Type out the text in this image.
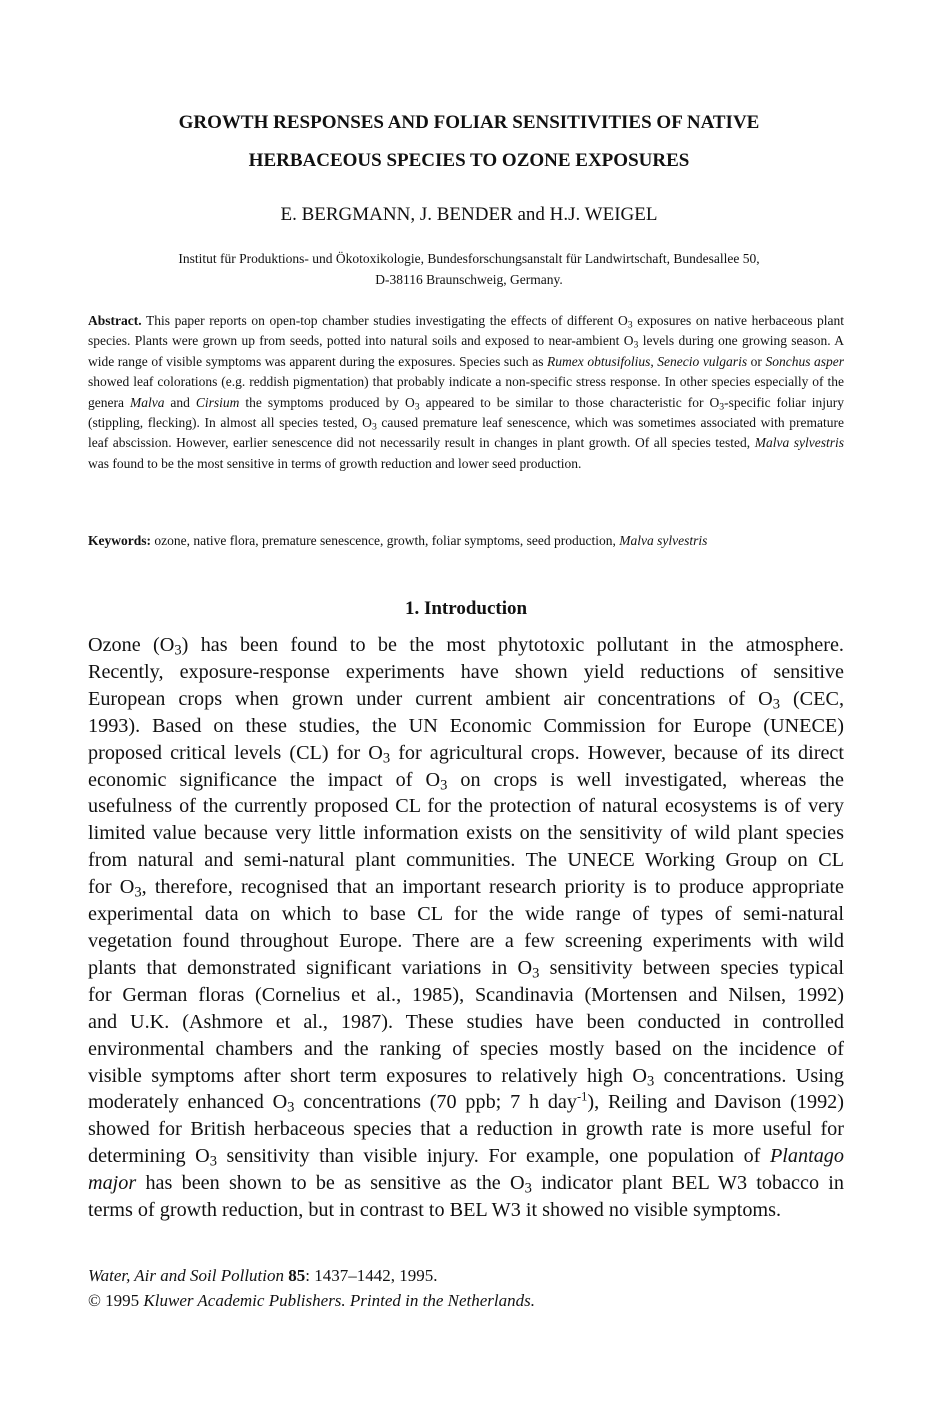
GROWTH RESPONSES AND FOLIAR SENSITIVITIES OF NATIVE
HERBACEOUS SPECIES TO OZONE EXPOSURES
E. BERGMANN, J. BENDER and H.J. WEIGEL
Institut für Produktions- und Ökotoxikologie, Bundesforschungsanstalt für Landwirtschaft, Bundesallee 50,
D-38116 Braunschweig, Germany.
Abstract. This paper reports on open-top chamber studies investigating the effects of different $O_3$ exposures on native herbaceous plant species. Plants were grown up from seeds, potted into natural soils and exposed to near-ambient $O_3$ levels during one growing season. A wide range of visible symptoms was apparent during the exposures. Species such as Rumex obtusifolius, Senecio vulgaris or Sonchus asper showed leaf colorations (e.g. reddish pigmentation) that probably indicate a non-specific stress response. In other species especially of the genera Malva and Cirsium the symptoms produced by $O_3$ appeared to be similar to those characteristic for $O_3$-specific foliar injury (stippling, flecking). In almost all species tested, $O_3$ caused premature leaf senescence, which was sometimes associated with premature leaf abscission. However, earlier senescence did not necessarily result in changes in plant growth. Of all species tested, Malva sylvestris was found to be the most sensitive in terms of growth reduction and lower seed production.
Keywords: ozone, native flora, premature senescence, growth, foliar symptoms, seed production, Malva sylvestris
1. Introduction
Ozone $(O_3)$ has been found to be the most phytotoxic pollutant in the atmosphere.
Recently, exposure-response experiments have shown yield reductions of sensitive
European crops when grown under current ambient air concentrations of $O_3$ (CEC,
1993). Based on these studies, the UN Economic Commission for Europe (UNECE)
proposed critical levels (CL) for $O_3$ for agricultural crops. However, because of its direct
economic significance the impact of $O_3$ on crops is well investigated, whereas the
usefulness of the currently proposed CL for the protection of natural ecosystems is of very
limited value because very little information exists on the sensitivity of wild plant species
from natural and semi-natural plant communities. The UNECE Working Group on CL
for $O_3$, therefore, recognised that an important research priority is to produce appropriate
experimental data on which to base CL for the wide range of types of semi-natural
vegetation found throughout Europe. There are a few screening experiments with wild
plants that demonstrated significant variations in $O_3$ sensitivity between species typical
for German floras (Cornelius et al., 1985), Scandinavia (Mortensen and Nilsen, 1992)
and U.K. (Ashmore et al., 1987). These studies have been conducted in controlled
environmental chambers and the ranking of species mostly based on the incidence of
visible symptoms after short term exposures to relatively high $O_3$ concentrations. Using
moderately enhanced $O_3$ concentrations (70 ppb; 7 h day$^{-1}$), Reiling and Davison (1992)
showed for British herbaceous species that a reduction in growth rate is more useful for
determining $O_3$ sensitivity than visible injury. For example, one population of Plantago
major has been shown to be as sensitive as the $O_3$ indicator plant BEL W3 tobacco in
terms of growth reduction, but in contrast to BEL W3 it showed no visible symptoms.
Water, Air and Soil Pollution 85: 1437–1442, 1995.
© 1995 Kluwer Academic Publishers. Printed in the Netherlands.
